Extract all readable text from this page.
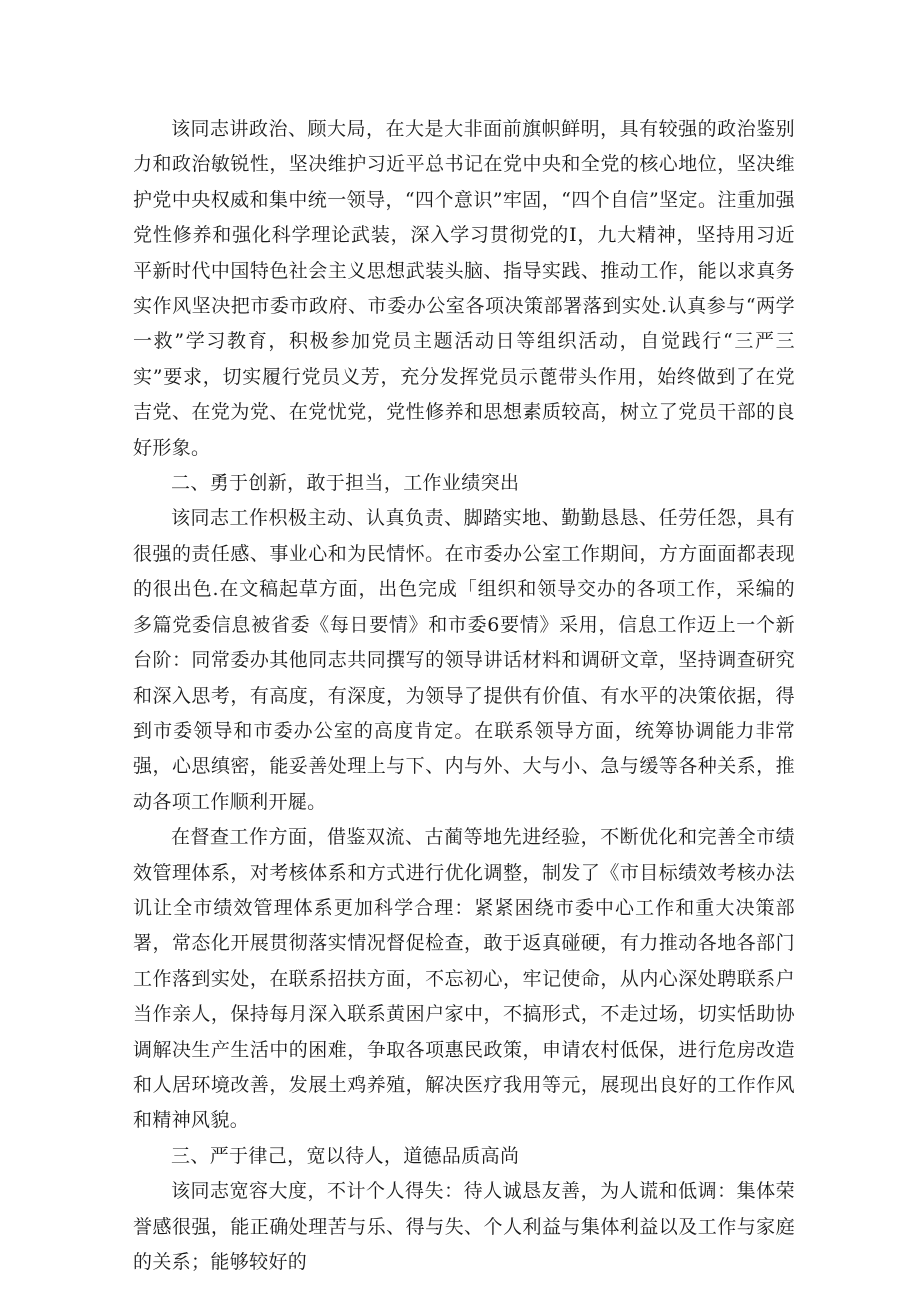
该同志讲政治、顾大局，在大是大非面前旗帜鲜明，具有较强的政治鉴别力和政治敏锐性，坚决维护习近平总书记在党中央和全党的核心地位，坚决维护党中央权威和集中统一领导，“四个意识”牢固，“四个自信”坚定。注重加强党性修养和强化科学理论武装，深入学习贯彻党的I，九大精神，坚持用习近平新时代中国特色社会主义思想武装头脑、指导实践、推动工作，能以求真务实作风坚决把市委市政府、市委办公室各项决策部署落到实处.认真参与“两学一救”学习教育，积极参加党员主题活动日等组织活动，自觉践行“三严三实”要求，切实履行党员义芳，充分发挥党员示蓖带头作用，始终做到了在党吉党、在党为党、在党忧党，党性修养和思想素质较高，树立了党员干部的良好形象。

二、勇于创新，敢于担当，工作业绩突出

该同志工作枳极主动、认真负责、脚踏实地、勤勤恳恳、任劳任怨，具有很强的责任感、事业心和为民情怀。在市委办公室工作期间，方方面面都表现的很出色.在文稿起草方面，出色完成「组织和领导交办的各项工作，采编的多篇党委信息被省委《每日要情》和市委6要情》采用，信息工作迈上一个新台阶：同常委办其他同志共同撰写的领导讲话材料和调研文章，坚持调查研究和深入思考，有高度，有深度，为领导了提供有价值、有水平的决策依据，得到市委领导和市委办公室的高度肯定。在联系领导方面，统筹协调能力非常强，心思缜密，能妥善处理上与下、内与外、大与小、急与缓等各种关系，推动各项工作顺利开屣。

在督查工作方面，借鉴双流、古蔺等地先进经验，不断优化和完善全市绩效管理体系，对考核体系和方式进行优化调整，制发了《市目标绩效考核办法讥让全市绩效管理体系更加科学合理：紧紧困绕市委中心工作和重大决策部署，常态化开展贯彻落实情况督促检查，敢于返真碰硬，有力推动各地各部门工作落到实处，在联系招扶方面，不忘初心，牢记使命，从内心深处聘联系户当作亲人，保持每月深入联系黄困户家中，不搞形式，不走过场，切实恬助协调解决生产生活中的困难，争取各项惠民政策，申请农村低保，进行危房改造和人居环境改善，发展土鸡养殖，解决医疗我用等元，展现出良好的工作作风和精神风貌。

三、严于律己，宽以待人，道德品质高尚

该同志宽容大度，不计个人得失：待人诚恳友善，为人谎和低调：集体荣誉感很强，能正确处理苦与乐、得与失、个人利益与集体利益以及工作与家庭的关系；能够较好的
